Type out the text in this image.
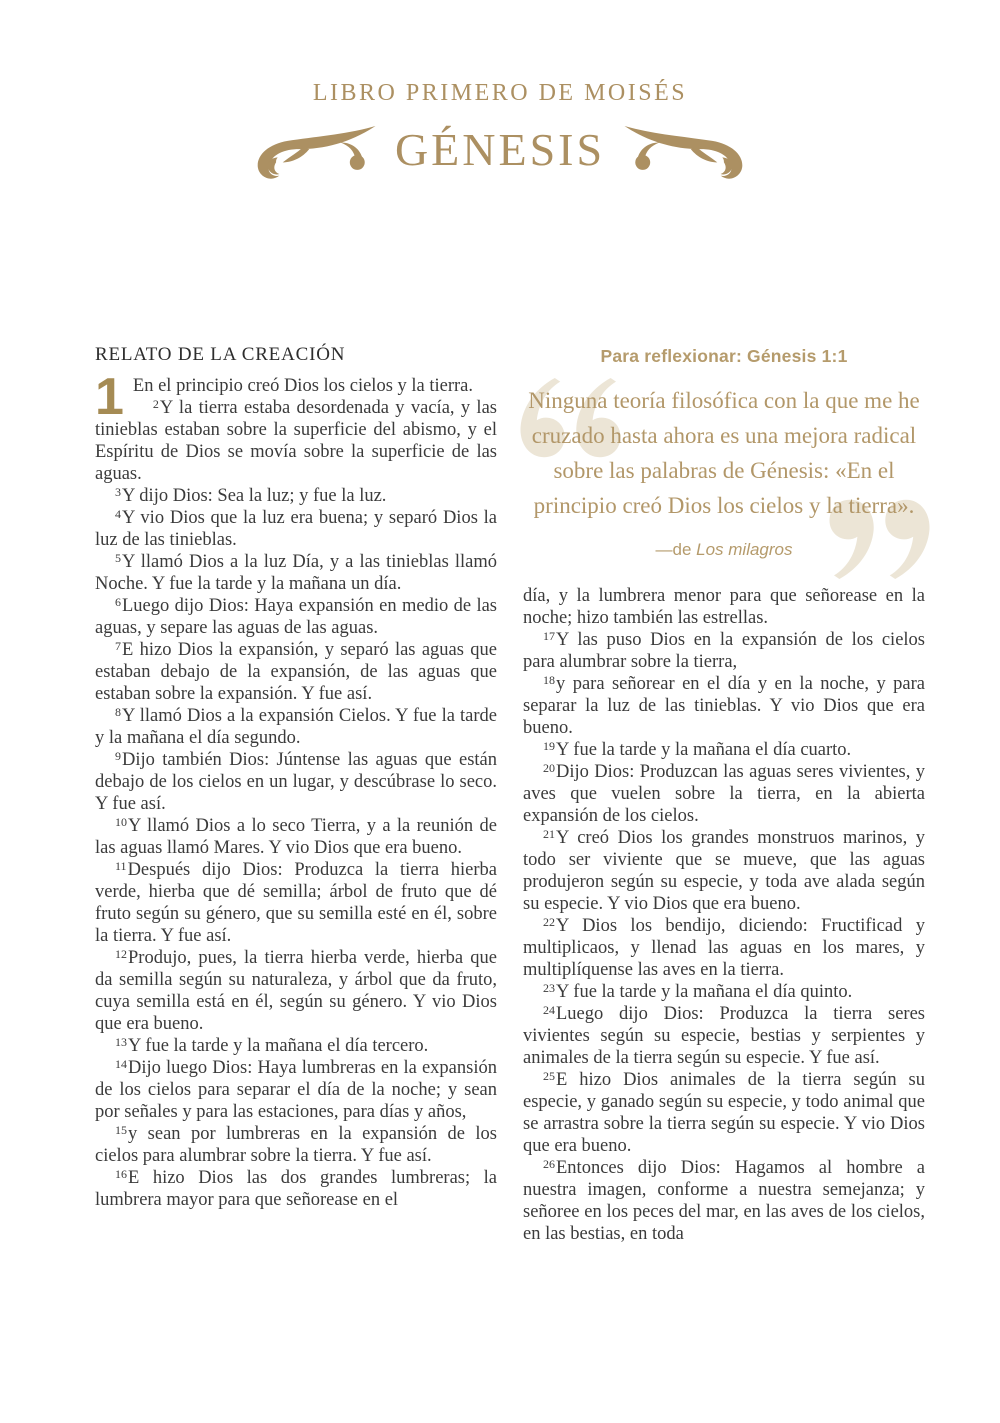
LIBRO PRIMERO DE MOISÉS
GÉNESIS
RELATO DE LA CREACIÓN

1 En el principio creó Dios los cielos y la tierra.

$^2$Y la tierra estaba desordenada y vacía, y las tinieblas estaban sobre la superficie del abismo, y el Espíritu de Dios se movía sobre la superficie de las aguas.

$^3$Y dijo Dios: Sea la luz; y fue la luz.

$^4$Y vio Dios que la luz era buena; y separó Dios la luz de las tinieblas.

$^5$Y llamó Dios a la luz Día, y a las tinieblas llamó Noche. Y fue la tarde y la mañana un día.

$^6$Luego dijo Dios: Haya expansión en medio de las aguas, y separe las aguas de las aguas.

$^7$E hizo Dios la expansión, y separó las aguas que estaban debajo de la expansión, de las aguas que estaban sobre la expansión. Y fue así.

$^8$Y llamó Dios a la expansión Cielos. Y fue la tarde y la mañana el día segundo.

$^9$Dijo también Dios: Júntense las aguas que están debajo de los cielos en un lugar, y descúbrase lo seco. Y fue así.

$^{10}$Y llamó Dios a lo seco Tierra, y a la reunión de las aguas llamó Mares. Y vio Dios que era bueno.

$^{11}$Después dijo Dios: Produzca la tierra hierba verde, hierba que dé semilla; árbol de fruto que dé fruto según su género, que su semilla esté en él, sobre la tierra. Y fue así.

$^{12}$Produjo, pues, la tierra hierba verde, hierba que da semilla según su naturaleza, y árbol que da fruto, cuya semilla está en él, según su género. Y vio Dios que era bueno.

$^{13}$Y fue la tarde y la mañana el día tercero.

$^{14}$Dijo luego Dios: Haya lumbreras en la expansión de los cielos para separar el día de la noche; y sean por señales y para las estaciones, para días y años,

$^{15}$y sean por lumbreras en la expansión de los cielos para alumbrar sobre la tierra. Y fue así.

$^{16}$E hizo Dios las dos grandes lumbreras; la lumbrera mayor para que señorease en el

Para reflexionar: Génesis 1:1
Ninguna teoría filosófica con la que me he cruzado hasta ahora es una mejora radical sobre las palabras de Génesis: «En el principio creó Dios los cielos y la tierra».
—de Los milagros

día, y la lumbrera menor para que señorease en la noche; hizo también las estrellas.

$^{17}$Y las puso Dios en la expansión de los cielos para alumbrar sobre la tierra,

$^{18}$y para señorear en el día y en la noche, y para separar la luz de las tinieblas. Y vio Dios que era bueno.

$^{19}$Y fue la tarde y la mañana el día cuarto.

$^{20}$Dijo Dios: Produzcan las aguas seres vivientes, y aves que vuelen sobre la tierra, en la abierta expansión de los cielos.

$^{21}$Y creó Dios los grandes monstruos marinos, y todo ser viviente que se mueve, que las aguas produjeron según su especie, y toda ave alada según su especie. Y vio Dios que era bueno.

$^{22}$Y Dios los bendijo, diciendo: Fructificad y multiplicaos, y llenad las aguas en los mares, y multiplíquense las aves en la tierra.

$^{23}$Y fue la tarde y la mañana el día quinto.

$^{24}$Luego dijo Dios: Produzca la tierra seres vivientes según su especie, bestias y serpientes y animales de la tierra según su especie. Y fue así.

$^{25}$E hizo Dios animales de la tierra según su especie, y ganado según su especie, y todo animal que se arrastra sobre la tierra según su especie. Y vio Dios que era bueno.

$^{26}$Entonces dijo Dios: Hagamos al hombre a nuestra imagen, conforme a nuestra semejanza; y señoree en los peces del mar, en las aves de los cielos, en las bestias, en toda
